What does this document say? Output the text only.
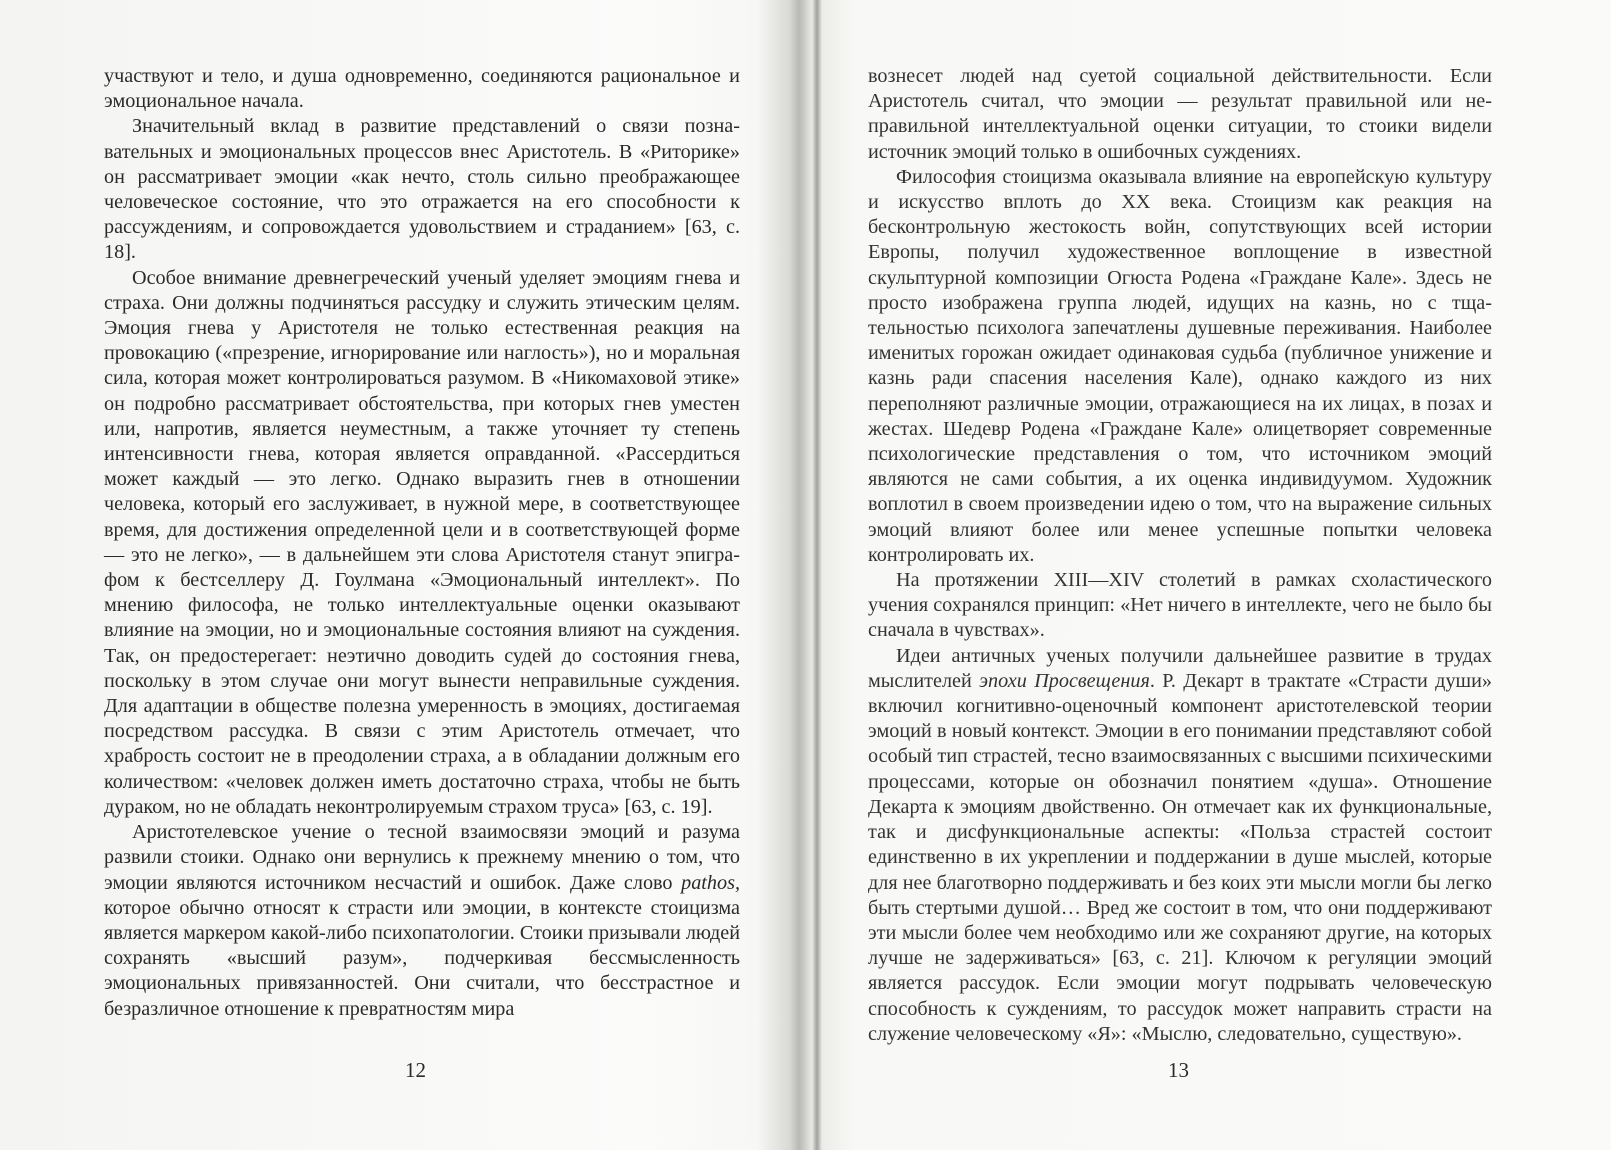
участвуют и тело, и душа одновременно, соединяются рациональное и эмоциональное начала.

Значительный вклад в развитие представлений о связи познавательных и эмоциональных процессов внес Аристотель. В «Риторике» он рассматривает эмоции «как нечто, столь сильно преображающее человеческое состояние, что это отражается на его способности к рассуждениям, и сопровождается удовольствием и страданием» [63, с. 18].

Особое внимание древнегреческий ученый уделяет эмоциям гнева и страха. Они должны подчиняться рассудку и служить этическим целям. Эмоция гнева у Аристотеля не только естественная реакция на провокацию («презрение, игнорирование или наглость»), но и моральная сила, которая может контролироваться разумом. В «Никомаховой этике» он подробно рассматривает обстоятельства, при которых гнев уместен или, напротив, является неуместным, а также уточняет ту степень интенсивности гнева, которая является оправданной. «Рассердиться может каждый — это легко. Однако выразить гнев в отношении человека, который его заслуживает, в нужной мере, в соответствующее время, для достижения определенной цели и в соответствующей форме — это не легко», — в дальнейшем эти слова Аристотеля станут эпиграфом к бестселлеру Д. Гоулмана «Эмоциональный интеллект». По мнению философа, не только интеллектуальные оценки оказывают влияние на эмоции, но и эмоциональные состояния влияют на суждения. Так, он предостерегает: неэтично доводить судей до состояния гнева, поскольку в этом случае они могут вынести неправильные суждения. Для адаптации в обществе полезна умеренность в эмоциях, достигаемая посредством рассудка. В связи с этим Аристотель отмечает, что храбрость состоит не в преодолении страха, а в обладании должным его количеством: «человек должен иметь достаточно страха, чтобы не быть дураком, но не обладать неконтролируемым страхом труса» [63, с. 19].

Аристотелевское учение о тесной взаимосвязи эмоций и разума развили стоики. Однако они вернулись к прежнему мнению о том, что эмоции являются источником несчастий и ошибок. Даже слово pathos, которое обычно относят к страсти или эмоции, в контексте стоицизма является маркером какой-либо психопатологии. Стоики призывали людей сохранять «высший разум», подчеркивая бессмысленность эмоциональных привязанностей. Они считали, что бесстрастное и безразличное отношение к превратностям мира

12

вознесет людей над суетой социальной действительности. Если Аристотель считал, что эмоции — результат правильной или неправильной интеллектуальной оценки ситуации, то стоики видели источник эмоций только в ошибочных суждениях.

Философия стоицизма оказывала влияние на европейскую культуру и искусство вплоть до XX века. Стоицизм как реакция на бесконтрольную жестокость войн, сопутствующих всей истории Европы, получил художественное воплощение в известной скульптурной композиции Огюста Родена «Граждане Кале». Здесь не просто изображена группа людей, идущих на казнь, но с тщательностью психолога запечатлены душевные переживания. Наиболее именитых горожан ожидает одинаковая судьба (публичное унижение и казнь ради спасения населения Кале), однако каждого из них переполняют различные эмоции, отражающиеся на их лицах, в позах и жестах. Шедевр Родена «Граждане Кале» олицетворяет современные психологические представления о том, что источником эмоций являются не сами события, а их оценка индивидуумом. Художник воплотил в своем произведении идею о том, что на выражение сильных эмоций влияют более или менее успешные попытки человека контролировать их.

На протяжении XIII—XIV столетий в рамках схоластического учения сохранялся принцип: «Нет ничего в интеллекте, чего не было бы сначала в чувствах».

Идеи античных ученых получили дальнейшее развитие в трудах мыслителей эпохи Просвещения. Р. Декарт в трактате «Страсти души» включил когнитивно-оценочный компонент аристотелевской теории эмоций в новый контекст. Эмоции в его понимании представляют собой особый тип страстей, тесно взаимосвязанных с высшими психическими процессами, которые он обозначил понятием «душа». Отношение Декарта к эмоциям двойственно. Он отмечает как их функциональные, так и дисфункциональные аспекты: «Польза страстей состоит единственно в их укреплении и поддержании в душе мыслей, которые для нее благотворно поддерживать и без коих эти мысли могли бы легко быть стертыми душой… Вред же состоит в том, что они поддерживают эти мысли более чем необходимо или же сохраняют другие, на которых лучше не задерживаться» [63, с. 21]. Ключом к регуляции эмоций является рассудок. Если эмоции могут подрывать человеческую способность к суждениям, то рассудок может направить страсти на служение человеческому «Я»: «Мыслю, следовательно, существую».

13
